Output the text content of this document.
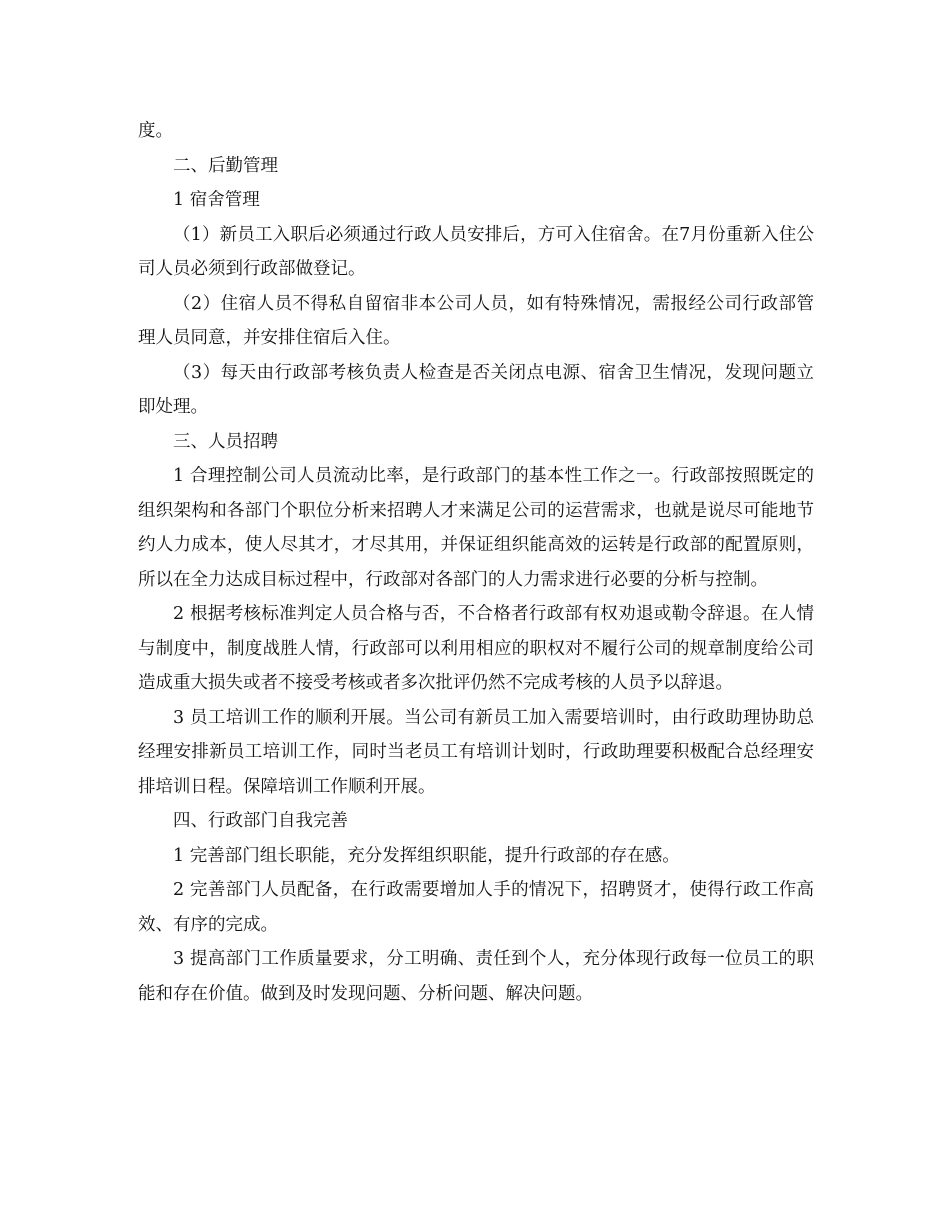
度。

二、后勤管理

1 宿舍管理

（1）新员工入职后必须通过行政人员安排后，方可入住宿舍。在7月份重新入住公司人员必须到行政部做登记。

（2）住宿人员不得私自留宿非本公司人员，如有特殊情况，需报经公司行政部管理人员同意，并安排住宿后入住。

（3）每天由行政部考核负责人检查是否关闭点电源、宿舍卫生情况，发现问题立即处理。

三、人员招聘

1 合理控制公司人员流动比率，是行政部门的基本性工作之一。行政部按照既定的组织架构和各部门个职位分析来招聘人才来满足公司的运营需求，也就是说尽可能地节约人力成本，使人尽其才，才尽其用，并保证组织能高效的运转是行政部的配置原则，所以在全力达成目标过程中，行政部对各部门的人力需求进行必要的分析与控制。

2 根据考核标准判定人员合格与否，不合格者行政部有权劝退或勒令辞退。在人情与制度中，制度战胜人情，行政部可以利用相应的职权对不履行公司的规章制度给公司造成重大损失或者不接受考核或者多次批评仍然不完成考核的人员予以辞退。

3 员工培训工作的顺利开展。当公司有新员工加入需要培训时，由行政助理协助总经理安排新员工培训工作，同时当老员工有培训计划时，行政助理要积极配合总经理安排培训日程。保障培训工作顺利开展。

四、行政部门自我完善

1 完善部门组长职能，充分发挥组织职能，提升行政部的存在感。

2 完善部门人员配备，在行政需要增加人手的情况下，招聘贤才，使得行政工作高效、有序的完成。

3 提高部门工作质量要求，分工明确、责任到个人，充分体现行政每一位员工的职能和存在价值。做到及时发现问题、分析问题、解决问题。
